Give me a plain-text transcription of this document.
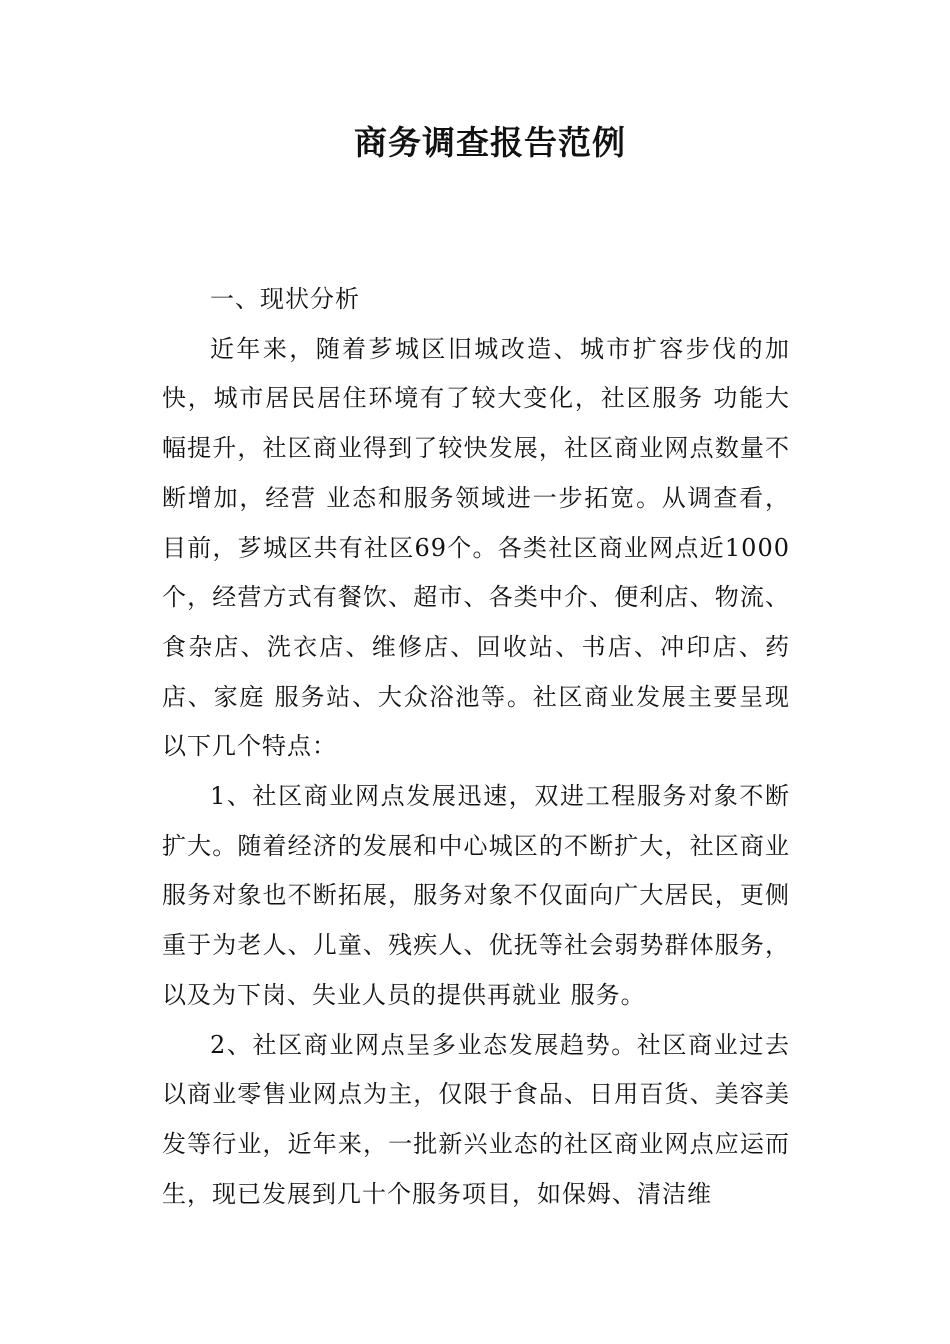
商务调查报告范例

一、现状分析

近年来，随着芗城区旧城改造、城市扩容步伐的加快，城市居民居住环境有了较大变化，社区服务 功能大幅提升，社区商业得到了较快发展，社区商业网点数量不断增加，经营 业态和服务领域进一步拓宽。从调查看，目前，芗城区共有社区69个。各类社区商业网点近1000个，经营方式有餐饮、超市、各类中介、便利店、物流、食杂店、洗衣店、维修店、回收站、书店、冲印店、药店、家庭 服务站、大众浴池等。社区商业发展主要呈现以下几个特点：

1、社区商业网点发展迅速，双进工程服务对象不断扩大。随着经济的发展和中心城区的不断扩大，社区商业服务对象也不断拓展，服务对象不仅面向广大居民，更侧重于为老人、儿童、残疾人、优抚等社会弱势群体服务，以及为下岗、失业人员的提供再就业 服务。

2、社区商业网点呈多业态发展趋势。社区商业过去以商业零售业网点为主，仅限于食品、日用百货、美容美发等行业，近年来，一批新兴业态的社区商业网点应运而生，现已发展到几十个服务项目，如保姆、清洁维
